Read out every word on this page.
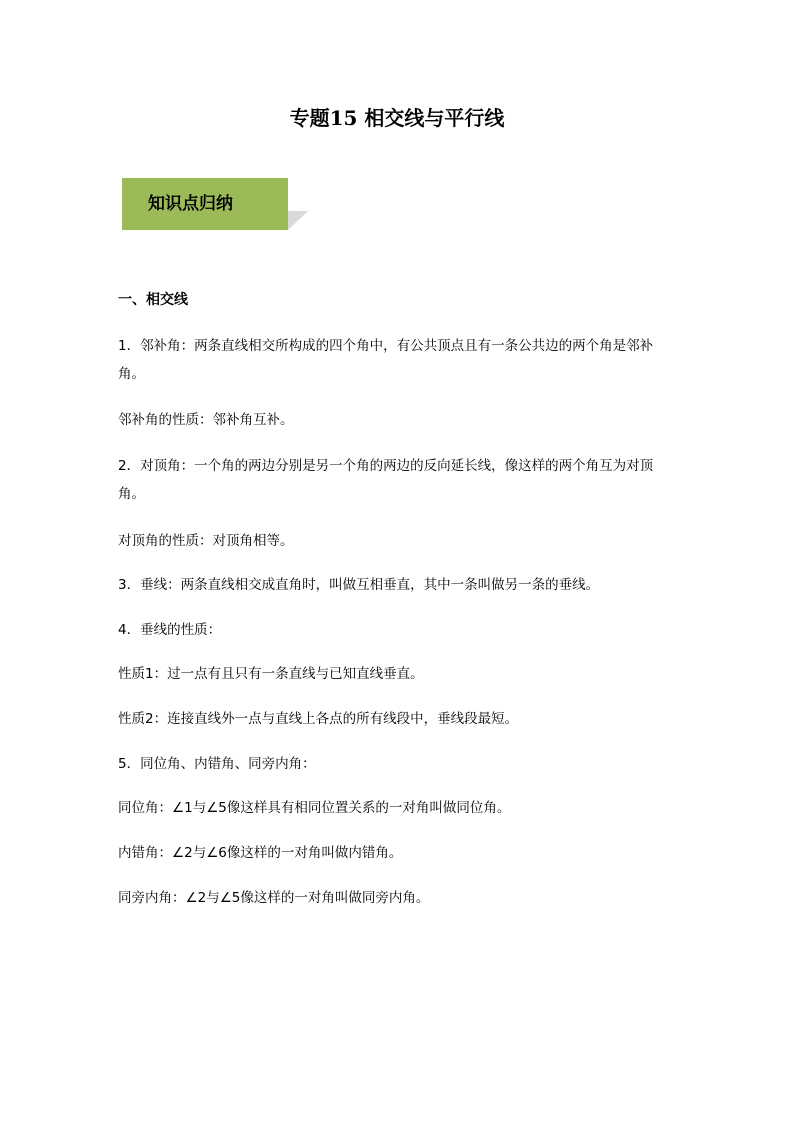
专题15 相交线与平行线
知识点归纳
一、相交线

1．邻补角：两条直线相交所构成的四个角中，有公共顶点且有一条公共边的两个角是邻补
角。

邻补角的性质：邻补角互补。

2．对顶角：一个角的两边分别是另一个角的两边的反向延长线，像这样的两个角互为对顶
角。

对顶角的性质：对顶角相等。

3．垂线：两条直线相交成直角时，叫做互相垂直，其中一条叫做另一条的垂线。

4．垂线的性质：

性质1：过一点有且只有一条直线与已知直线垂直。

性质2：连接直线外一点与直线上各点的所有线段中，垂线段最短。

5．同位角、内错角、同旁内角：

同位角：∠1与∠5像这样具有相同位置关系的一对角叫做同位角。

内错角：∠2与∠6像这样的一对角叫做内错角。

同旁内角：∠2与∠5像这样的一对角叫做同旁内角。
